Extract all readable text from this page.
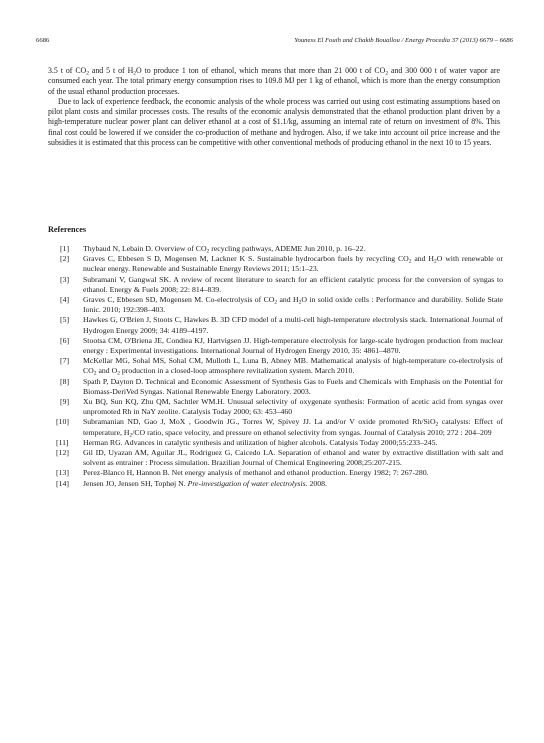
6686	Youness El Fouih and Chakib Bouallou / Energy Procedia 37 (2013) 6679 – 6686

3.5 t of $CO_2$ and 5 t of $H_2O$ to produce 1 ton of ethanol, which means that more than 21 000 t of $CO_2$ and 300 000 t of water vapor are consumed each year. The total primary energy consumption rises to 109.8 MJ per 1 kg of ethanol, which is more than the energy consumption of the usual ethanol production processes.

Due to lack of experience feedback, the economic analysis of the whole process was carried out using cost estimating assumptions based on pilot plant costs and similar processes costs. The results of the economic analysis demonstrated that the ethanol production plant driven by a high-temperature nuclear power plant can deliver ethanol at a cost of $1.1/kg, assuming an internal rate of return on investment of 8%. This final cost could be lowered if we consider the co-production of methane and hydrogen. Also, if we take into account oil price increase and the subsidies it is estimated that this process can be competitive with other conventional methods of producing ethanol in the next 10 to 15 years.

References
[1] Thybaud N, Lebain D. Overview of $CO_2$ recycling pathways, ADEME Jun 2010, p. 16–22.
[2] Graves C, Ebbesen S D, Mogensen M, Lackner K S. Sustainable hydrocarbon fuels by recycling $CO_2$ and $H_2O$ with renewable or nuclear energy. Renewable and Sustainable Energy Reviews 2011; 15:1–23.
[3] Subramani V, Gangwal SK. A review of recent literature to search for an efficient catalytic process for the conversion of syngas to ethanol. Energy & Fuels 2008; 22: 814–839.
[4] Graves C, Ebbesen SD, Mogensen M. Co-electrolysis of $CO_2$ and $H_2O$ in solid oxide cells : Performance and durability. Solide State Ionic. 2010; 192:398–403.
[5] Hawkes G, O'Brien J, Stoots C, Hawkes B. 3D CFD model of a multi-cell high-temperature electrolysis stack. International Journal of Hydrogen Energy 2009; 34: 4189–4197.
[6] Stootsa CM, O'Briena JE, Condiea KJ, Hartvigsen JJ. High-temperature electrolysis for large-scale hydrogen production from nuclear energy : Experimental investigations. International Journal of Hydrogen Energy 2010, 35: 4861–4870.
[7] McKellar MG, Sohal MS, Sohal CM, Mulloth L, Luna B, Abney MB. Mathematical analysis of high-temperature co-electrolysis of $CO_2$ and $O_2$ production in a closed-loop atmosphere revitalization system. March 2010.
[8] Spath P, Dayton D. Technical and Economic Assessment of Synthesis Gas to Fuels and Chemicals with Emphasis on the Potential for Biomass-DeriVed Syngas. National Renewable Energy Laboratory. 2003.
[9] Xu BQ, Sun KQ, Zhu QM, Sachtler WM.H. Unusual selectivity of oxygenate synthesis: Formation of acetic acid from syngas over unpromoted Rh in NaY zeolite. Catalysis Today 2000; 63: 453–460
[10] Subramanian ND, Gao J, MoX , Goodwin JG., Torres W, Spivey JJ. La and/or V oxide promoted Rh/SiO$_2$ catalysts: Effect of temperature, $H_2/CO$ ratio, space velocity, and pressure on ethanol selectivity from syngas. Journal of Catalysis 2010; 272 : 204–209
[11] Herman RG. Advances in catalytic synthesis and utilization of higher alcohols. Catalysis Today 2000;55:233–245.
[12] Gil ID, Uyazan AM, Aguilar JL, Rodriguez G, Caicedo LA. Separation of ethanol and water by extractive distillation with salt and solvent as entrainer : Process simulation. Brazilian Journal of Chemical Engineering 2008;25:207-215.
[13] Perez-Blanco H, Hannon B. Net energy analysis of methanol and ethanol production. Energy 1982; 7: 267-280.
[14] Jensen JO, Jensen SH, Tophøj N. Pre-investigation of water electrolysis. 2008.
